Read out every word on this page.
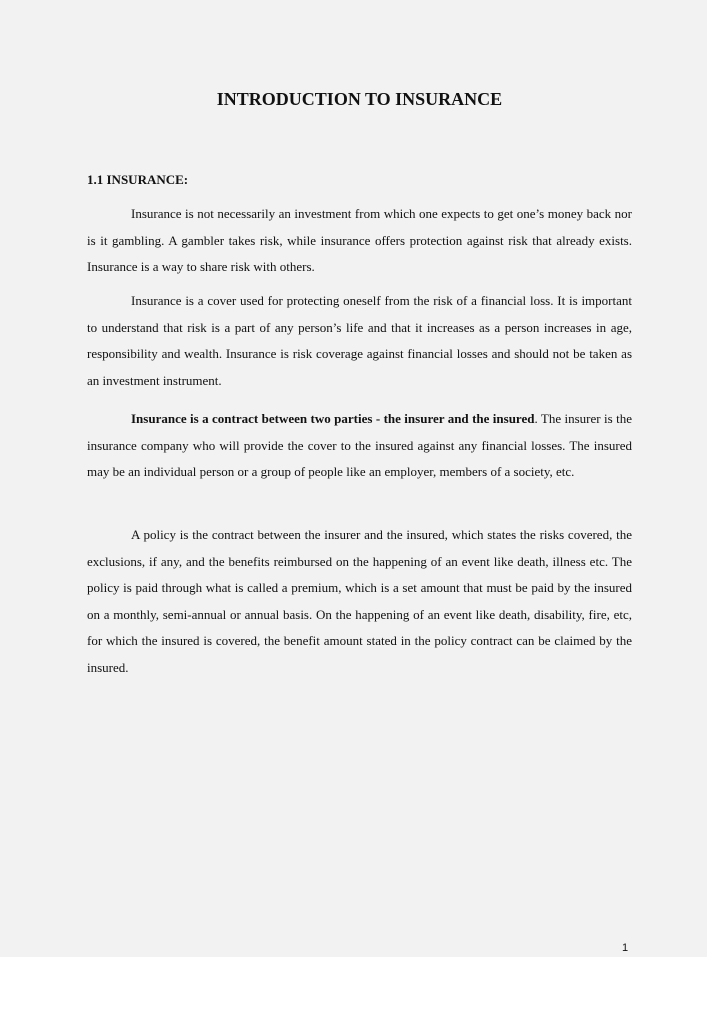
INTRODUCTION TO INSURANCE
1.1 INSURANCE:

Insurance is not necessarily an investment from which one expects to get one’s money back nor is it gambling. A gambler takes risk, while insurance offers protection against risk that already exists. Insurance is a way to share risk with others.

Insurance is a cover used for protecting oneself from the risk of a financial loss. It is important to understand that risk is a part of any person’s life and that it increases as a person increases in age, responsibility and wealth. Insurance is risk coverage against financial losses and should not be taken as an investment instrument.

Insurance is a contract between two parties - the insurer and the insured. The insurer is the insurance company who will provide the cover to the insured against any financial losses. The insured may be an individual person or a group of people like an employer, members of a society, etc.

A policy is the contract between the insurer and the insured, which states the risks covered, the exclusions, if any, and the benefits reimbursed on the happening of an event like death, illness etc. The policy is paid through what is called a premium, which is a set amount that must be paid by the insured on a monthly, semi-annual or annual basis. On the happening of an event like death, disability, fire, etc, for which the insured is covered, the benefit amount stated in the policy contract can be claimed by the insured.

1
